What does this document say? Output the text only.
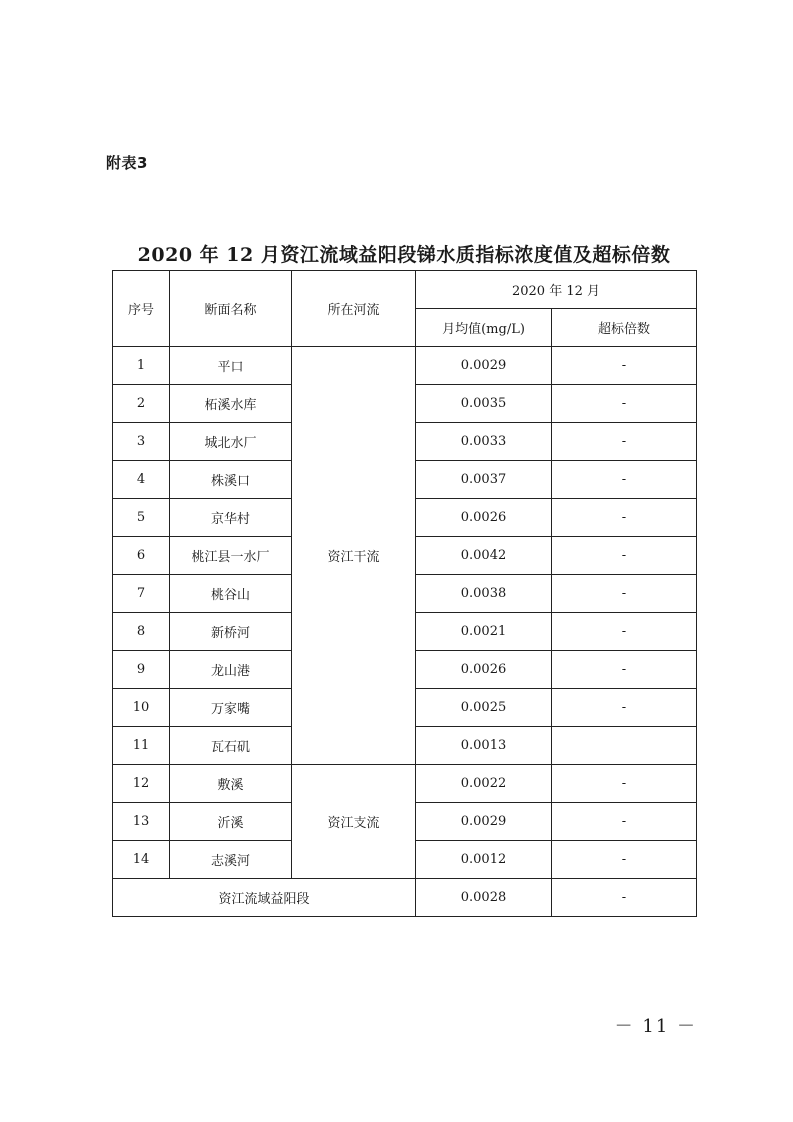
附表3
2020 年 12 月资江流域益阳段锑水质指标浓度值及超标倍数
序号	断面名称	所在河流	2020 年 12 月	
			月均值(mg/L)	超标倍数
1	平口	资江干流	0.0029	-
2	柘溪水库		0.0035	-
3	城北水厂		0.0033	-
4	株溪口		0.0037	-
5	京华村		0.0026	-
6	桃江县一水厂		0.0042	-
7	桃谷山		0.0038	-
8	新桥河		0.0021	-
9	龙山港		0.0026	-
10	万家嘴		0.0025	-
11	瓦石矶		0.0013	
12	敷溪	资江支流	0.0022	-
13	沂溪		0.0029	-
14	志溪河		0.0012	-
资江流域益阳段			0.0028	-
－ 11 －
